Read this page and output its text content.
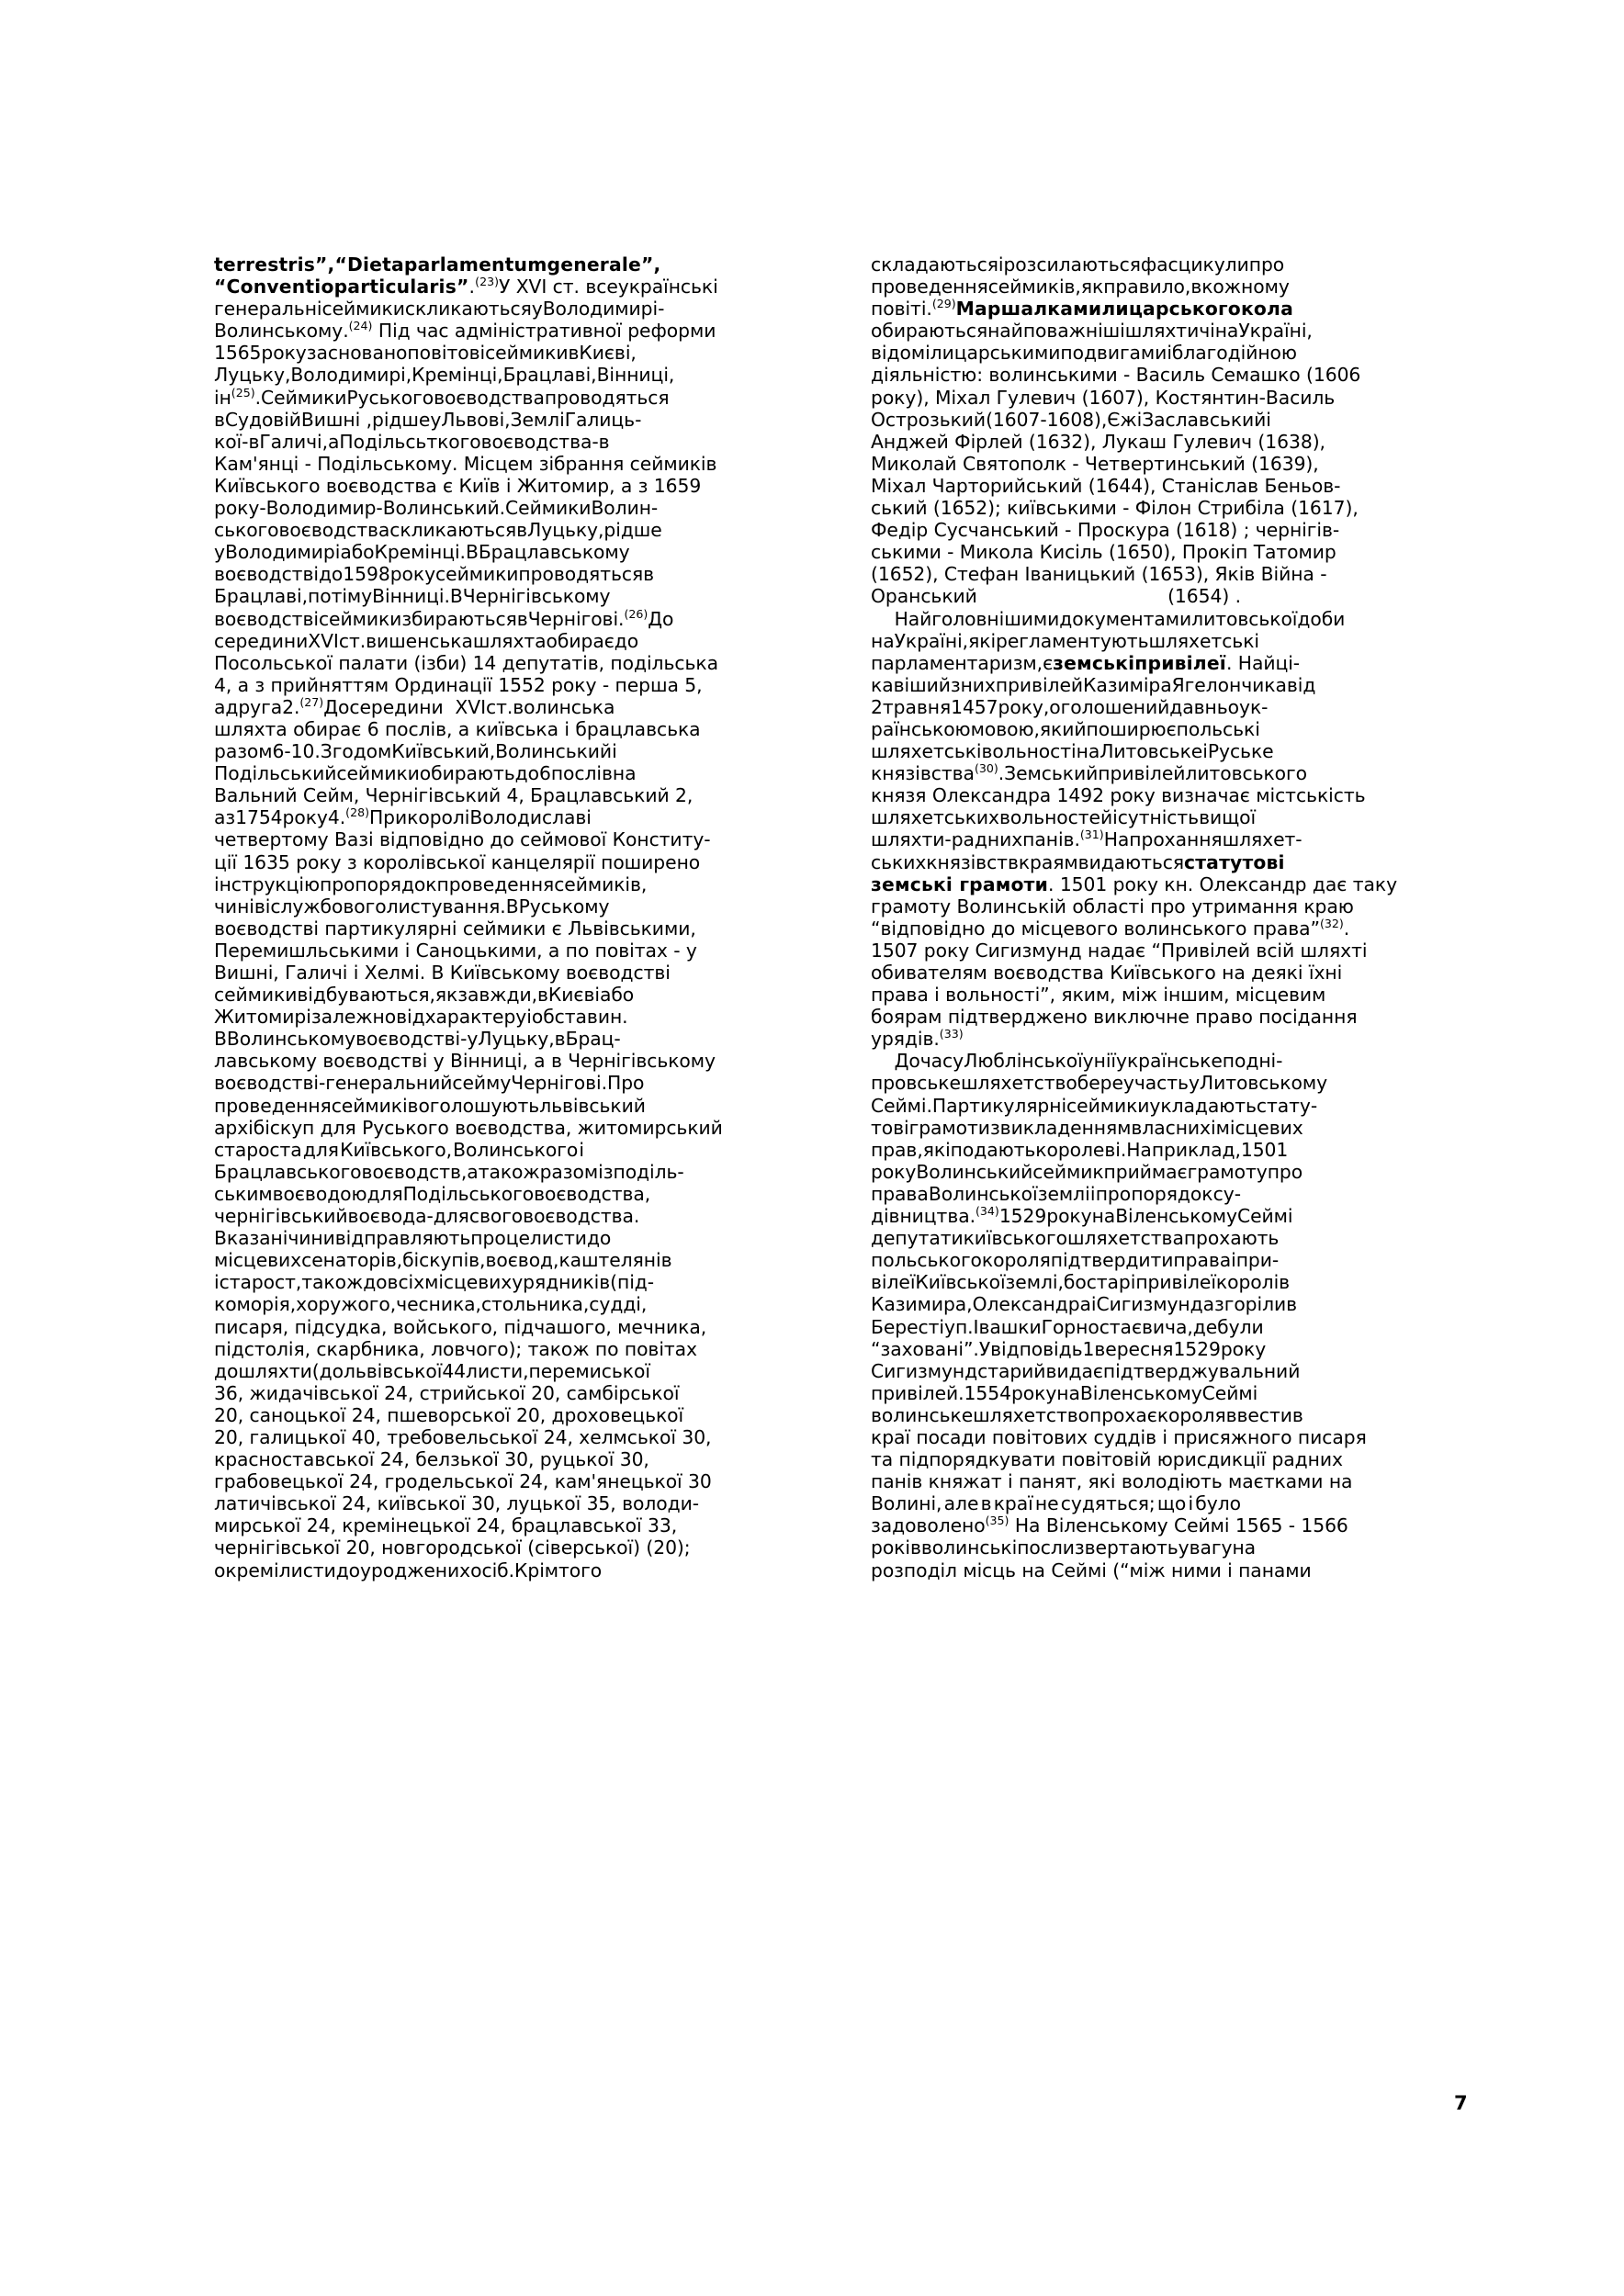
terrestris”, “Dieta parlamentum generale”,
“Conventio particularis”.$^{(23)}$ У XVI ст. всеукраїнські
генеральні сеймики скликаються у Володимирі -
Волинському.$^{(24)}$ Під час адміністративної реформи
1565 року засновано повітові сеймики в Києві,
Луцьку, Володимирі, Кремінці, Брацлаві, Вінниці,
$ін^{(25)}$. Сеймики Руського воєводства проводяться
в Судовій Вишні , рідше у Львові, Землі Галиць-
кої - в Галичі, а Подільсьткого воєводства - в
Кам'янці - Подільському. Місцем зібрання сеймиків
Київського воєводства є Київ і Житомир, а з 1659
року - Володимир-Волинський. Сеймики Волин-
ського воєводства скликаються в Луцьку, рідше
у Володимирі або Кремінці. В Брацлавському
воєводстві до 1598 року сеймики проводяться в
Брацлаві, потім у Вінниці. В Чернігівському
воєводстві сеймики збираються в Чернігові.$^{(26)}$ До
середини XVI ст. вишенська шляхта обирає до
Посольської палати (ізби) 14 депутатів, подільська
4, а з прийняттям Ординації 1552 року - перша 5,
а друга 2.$^{(27)}$ До середини XVI ст. волинська
шляхта обирає 6 послів, а київська і брацлавська
разом 6-10. Згодом Київський, Волинський і
Подільський сеймики обирають до 6 послів на
Вальний Сейм, Чернігівський 4, Брацлавський 2,
а з 1754 року 4.$^{(28)}$ При королі Володиславі
четвертому Вазі відповідно до сеймової Конститу-
ції 1635 року з королівської канцелярії поширено
інструкцію про порядок проведення сеймиків,
чинів і службового листування. В Руському
воєводстві партикулярні сеймики є Львівськими,
Перемишльськими і Саноцькими, а по повітах - у
Вишні, Галичі і Хелмі. В Київському воєводстві
сеймики відбуваються, як завжди, в Києві або
Житомирі залежно від характеру і обставин.
В Волинському воєводстві - у Луцьку, в Брац-
лавському воєводстві у Вінниці, а в Чернігівському
воєводстві - генеральний сейм у Чернігові. Про
проведення сеймиків оголошують львівський
архібіскуп для Руського воєводства, житомирський
староста для Київського, Волинського і
Брацлавського воєводств, а також разом із поділь-
ським воєводою для Подільського воєводства,
чернігівський воєвода - для свого воєводства.
Вказані чини відправляють про це листи до
місцевих сенаторів, біскупів, воєвод, каштелянів
і старост, також до всіх місцевих урядників (під-
коморія, хоружого, чесника, стольника, судді,
писаря, підсудка, войського, підчашого, мечника,
підстолія, скарбника, ловчого); також по повітах
до шляхти (до львівської 44 листи, перемиської
36, жидачівської 24, стрийської 20, самбірської
20, саноцької 24, пшеворської 20, дроховецької
20, галицької 40, требовельської 24, хелмської 30,
красноставської 24, белзької 30, руцької 30,
грабовецької 24, гродельської 24, кам'янецької 30
латичівської 24, київської 30, луцької 35, володи-
мирської 24, кремінецької 24, брацлавської 33,
чернігівської 20, новгородської (сіверської) (20);
окремі листи до уроджених осіб. Крім того
складаються і розсилаються фасцикули про
проведення сеймиків, як правило, в кожному
повіті.$^{(29)}$ Маршалками лицарського кола
обираються найповажніші шляхтичі на Україні,
відомі лицарськими подвигами і благодійною
діяльністю: волинськими - Василь Семашко (1606
року), Міхал Гулевич (1607), Костянтин-Василь
Острозький (1607-1608), Єжі Заславський і
Анджей Фірлей (1632), Лукаш Гулевич (1638),
Миколай Святополк - Четвертинський (1639),
Міхал Чарторийський (1644), Станіслав Беньов-
ський (1652); київськими - Філон Стрибіла (1617),
Федір Сусчанський - Проскура (1618) ; чернігів-
ськими - Микола Кисіль (1650), Прокіп Татомир
(1652), Стефан Іваницький (1653), Яків Війна -
Оранський	(1654) .
Найголовнішими документами литовської доби
на Україні, які регламентують шляхетські
парламентаризм, є земські привілеї . Найці-
кавіший з них привілей Казиміра Ягелончика від
2 травня 1457 року, оголошений давньоук-
раїнською мовою, який поширює польські
шляхетські вольності на Литовське і Руське
князівства$^{(30)}$. Земський привілей литовського
князя Олександра 1492 року визначає містськість
шляхетських вольностей і сутність вищої
шляхти - радних панів.$^{(31)}$ На прохання шляхет-
ських князівств краям видаються статутові
земські грамоти . 1501 року кн. Олександр дає таку
грамоту Волинській області про утримання краю
“відповідно до місцевого волинського права”$^{(32)}$.
1507 року Сигизмунд надає “Привілей всій шляхті
обивателям воєводства Київського на деякі їхні
права і вольності”, яким, між іншим, місцевим
боярам підтверджено виключне право посідання
урядів.$^{(33)}$
До часу Люблінської унії українське подні-
провське шляхетство бере участь у Литовському
Сеймі. Партикулярні сеймики укладають стату-
тові грамоти з викладенням власних і місцевих
прав, які подають королеві. Наприклад, 1501
року Волинський сеймик приймає грамоту про
права Волинської землі і про порядок су-
дівництва.$^{(34)}$ 1529 року на Віленському Сеймі
депутати київського шляхетства прохають
польського короля підтвердити права і при-
вілеї Київської землі, бо старі привілеї королів
Казимира, Олександра і Сигизмунда згорілив
Бересті у п.Івашки Горностаєвича, де були
“заховані”. У відповідь 1 вересня 1529 року
Сигизмунд старий видає підтверджувальний
привілей. 1554 року на Віленському Сеймі
волинське шляхетство прохає короля ввести в
краї посади повітових суддів і присяжного писаря
та підпорядкувати повітовій юрисдикції радних
панів княжат і панят, які володіють маєтками на
Волині, але в краї не судяться; що і було
задоволено$^{(35)}$ На Віленському Сеймі 1565 - 1566
років волинські посли звертають увагу на
розподіл місць на Сеймі (“між ними і панами
7
